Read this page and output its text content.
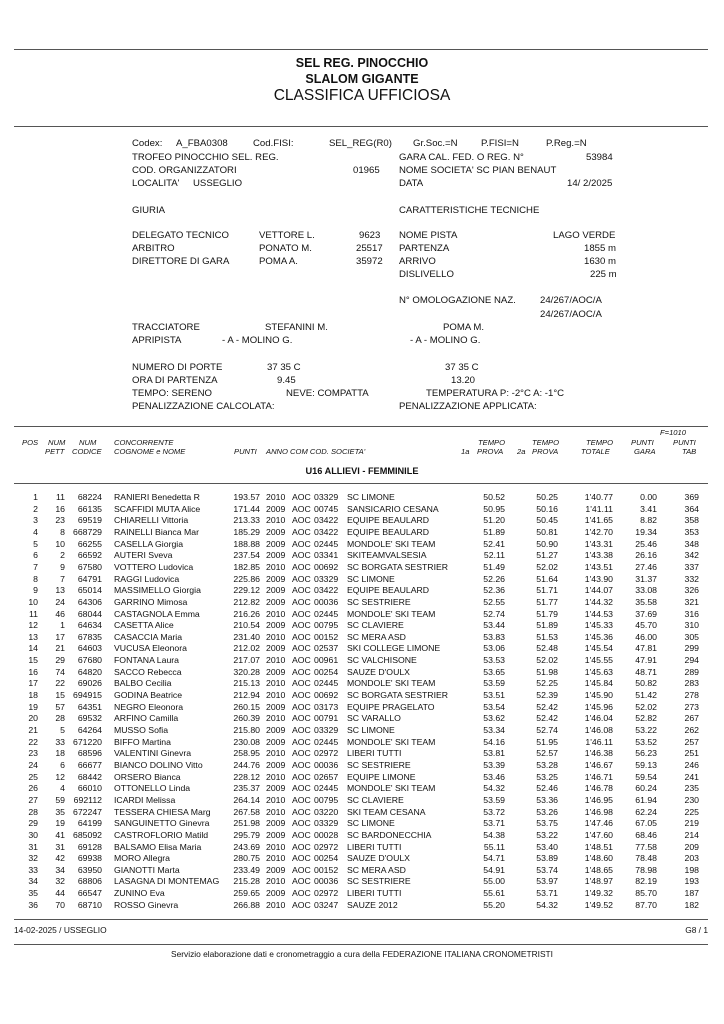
SEL REG. PINOCCHIO
SLALOM GIGANTE
CLASSIFICA UFFICIOSA
Codex: A_FBA0308	Cod.FISI:	SEL_REG(R0) Gr.Soc.=N P.FISI=N	P.Reg.=N
TROFEO PINOCCHIO SEL. REG.	GARA CAL. FED. O REG. N°	53984
COD. ORGANIZZATORI	01965 NOME SOCIETA' SC PIAN BENAUT
LOCALITA' USSEGLIO	DATA	14/ 2/2025
GIURIA	CARATTERISTICHE TECNICHE
DELEGATO TECNICO	VETTORE L.	9623 NOME PISTA	LAGO VERDE
ARBITRO	PONATO M.	25517 PARTENZA	1855 m
DIRETTORE DI GARA	POMA A.	35972 ARRIVO	1630 m
DISLIVELLO	225 m
N° OMOLOGAZIONE NAZ.	24/267/AOC/A
24/267/AOC/A
TRACCIATORE	STEFANINI M.	POMA M.
APRIPISTA	- A - MOLINO G.	- A - MOLINO G.
NUMERO DI PORTE	37 35 C	37 35 C
ORA DI PARTENZA	9.45	13.20
TEMPO: SERENO	NEVE: COMPATTA	TEMPERATURA P: -2°C A: -1°C
PENALIZZAZIONE CALCOLATA:	PENALIZZAZIONE APPLICATA:
F=1010
POS NUM
PETT
NUM
CODICE
CONCORRENTE
COGNOME e NOME	PUNTI ANNO COM COD. SOCIETA'	1a
TEMPO
PROVA 2a
TEMPO
PROVA
TEMPO
TOTALE
PUNTI
GARA
PUNTI
TAB
U16 ALLIEVI - FEMMINILE
1 11 68224 RANIERI Benedetta R	193.57 2010 AOC 03329 SC LIMONE	50.52	50.25	1'40.77	0.00	369
2 16 66135 SCAFFIDI MUTA Alice	171.44 2009 AOC 00745 SANSICARIO CESANA	50.95	50.16	1'41.11	3.41	364
3 23 69519 CHIARELLI Vittoria	213.33 2010 AOC 03422 EQUIPE BEAULARD	51.20	50.45	1'41.65	8.82	358
4	8 668729 RAINELLI Bianca Mar	185.29 2009 AOC 03422 EQUIPE BEAULARD	51.89	50.81	1'42.70	19.34	353
5 10 66255 CASELLA Giorgia	188.88 2009 AOC 02445 MONDOLE' SKI TEAM	52.41	50.90	1'43.31	25.46	348
6	2 66592 AUTERI Sveva	237.54 2009 AOC 03341 SKITEAMVALSESIA	52.11	51.27	1'43.38	26.16	342
7	9 67580 VOTTERO Ludovica	182.85 2010 AOC 00692 SC BORGATA SESTRIER	51.49	52.02	1'43.51	27.46	337
8	7 64791 RAGGI Ludovica	225.86 2009 AOC 03329 SC LIMONE	52.26	51.64	1'43.90	31.37	332
9 13 65014 MASSIMELLO Giorgia	229.12 2009 AOC 03422 EQUIPE BEAULARD	52.36	51.71	1'44.07	33.08	326
10 24 64306 GARRINO Mimosa	212.82 2009 AOC 00036 SC SESTRIERE	52.55	51.77	1'44.32	35.58	321
11 46 68044 CASTAGNOLA Emma	216.26 2010 AOC 02445 MONDOLE' SKI TEAM	52.74	51.79	1'44.53	37.69	316
12	1 64634 CASETTA Alice	210.54 2009 AOC 00795 SC CLAVIERE	53.44	51.89	1'45.33	45.70	310
13 17 67835 CASACCIA Maria	231.40 2010 AOC 00152 SC MERA ASD	53.83	51.53	1'45.36	46.00	305
14 21 64603 VUCUSA Eleonora	212.02 2009 AOC 02537 SKI COLLEGE LIMONE	53.06	52.48	1'45.54	47.81	299
15 29 67680 FONTANA Laura	217.07 2010 AOC 00961 SC VALCHISONE	53.53	52.02	1'45.55	47.91	294
16 74 64820 SACCO Rebecca	320.28 2009 AOC 00254 SAUZE D'OULX	53.65	51.98	1'45.63	48.71	289
17 22 69026 BALBO Cecilia	215.13 2010 AOC 02445 MONDOLE' SKI TEAM	53.59	52.25	1'45.84	50.82	283
18 15 694915 GODINA Beatrice	212.94 2010 AOC 00692 SC BORGATA SESTRIER	53.51	52.39	1'45.90	51.42	278
19 57 64351 NEGRO Eleonora	260.15 2009 AOC 03173 EQUIPE PRAGELATO	53.54	52.42	1'45.96	52.02	273
20 28 69532 ARFINO Camilla	260.39 2010 AOC 00791 SC VARALLO	53.62	52.42	1'46.04	52.82	267
21	5 64264 MUSSO Sofia	215.80 2009 AOC 03329 SC LIMONE	53.34	52.74	1'46.08	53.22	262
22 33 671220 BIFFO Martina	230.08 2009 AOC 02445 MONDOLE' SKI TEAM	54.16	51.95	1'46.11	53.52	257
23 18 68596 VALENTINI Ginevra	258.95 2010 AOC 02972 LIBERI TUTTI	53.81	52.57	1'46.38	56.23	251
24	6 66677 BIANCO DOLINO Vitto	244.76 2009 AOC 00036 SC SESTRIERE	53.39	53.28	1'46.67	59.13	246
25 12 68442 ORSERO Bianca	228.12 2010 AOC 02657 EQUIPE LIMONE	53.46	53.25	1'46.71	59.54	241
26	4 66010 OTTONELLO Linda	235.37 2009 AOC 02445 MONDOLE' SKI TEAM	54.32	52.46	1'46.78	60.24	235
27 59 692112 ICARDI Melissa	264.14 2010 AOC 00795 SC CLAVIERE	53.59	53.36	1'46.95	61.94	230
28 35 672247 TESSERA CHIESA Marg	267.58 2010 AOC 03220 SKI TEAM CESANA	53.72	53.26	1'46.98	62.24	225
29 19 64199 SANGUINETTO Ginevra	251.98 2009 AOC 03329 SC LIMONE	53.71	53.75	1'47.46	67.05	219
30 41 685092 CASTROFLORIO Matild	295.79 2009 AOC 00028 SC BARDONECCHIA	54.38	53.22	1'47.60	68.46	214
31 31 69128 BALSAMO Elisa Maria	243.69 2010 AOC 02972 LIBERI TUTTI	55.11	53.40	1'48.51	77.58	209
32 42 69938 MORO Allegra	280.75 2010 AOC 00254 SAUZE D'OULX	54.71	53.89	1'48.60	78.48	203
33 34 63950 GIANOTTI Marta	233.49 2009 AOC 00152 SC MERA ASD	54.91	53.74	1'48.65	78.98	198
34 32 68806 LASAGNA DI MONTEMAG 215.28 2010 AOC 00036 SC SESTRIERE	55.00	53.97	1'48.97	82.19	193
35 44 66547 ZUNINO Eva	259.65 2009 AOC 02972 LIBERI TUTTI	55.61	53.71	1'49.32	85.70	187
36 70 68710 ROSSO Ginevra	266.88 2010 AOC 03247 SAUZE 2012	55.20	54.32	1'49.52	87.70	182
14-02-2025 / USSEGLIO	G8 / 1
Servizio elaborazione dati e cronometraggio a cura della FEDERAZIONE ITALIANA CRONOMETRISTI
